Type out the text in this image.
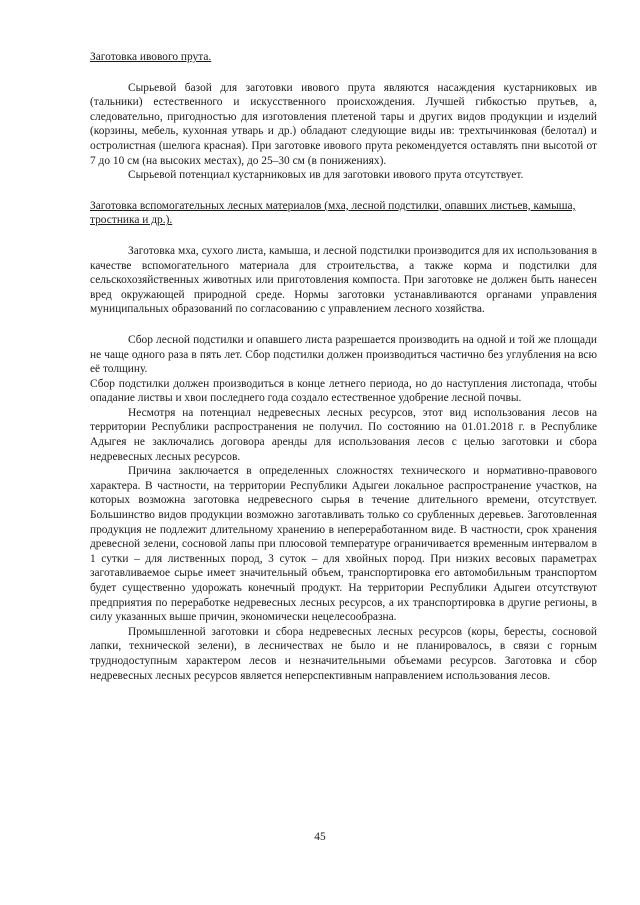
Заготовка ивового прута.

Сырьевой базой для заготовки ивового прута являются насаждения кустарниковых ив (тальники) естественного и искусственного происхождения. Лучшей гибкостью прутьев, а, следовательно, пригодностью для изготовления плетеной тары и других видов продукции и изделий (корзины, мебель, кухонная утварь и др.) обладают следующие виды ив: трехтычинковая (белотал) и остролистная (шелюга красная). При заготовке ивового прута рекомендуется оставлять пни высотой от 7 до 10 см (на высоких местах), до 25–30 см (в понижениях).

Сырьевой потенциал кустарниковых ив для заготовки ивового прута отсутствует.

Заготовка вспомогательных лесных материалов (мха, лесной подстилки, опавших листьев, камыша, тростника и др.).

Заготовка мха, сухого листа, камыша, и лесной подстилки производится для их использования в качестве вспомогательного материала для строительства, а также корма и подстилки для сельскохозяйственных животных или приготовления компоста. При заготовке не должен быть нанесен вред окружающей природной среде. Нормы заготовки устанавливаются органами управления муниципальных образований по согласованию с управлением лесного хозяйства.

Сбор лесной подстилки и опавшего листа разрешается производить на одной и той же площади не чаще одного раза в пять лет. Сбор подстилки должен производиться частично без углубления на всю её толщину.

Сбор подстилки должен производиться в конце летнего периода, но до наступления листопада, чтобы опадание листвы и хвои последнего года создало естественное удобрение лесной почвы.

Несмотря на потенциал недревесных лесных ресурсов, этот вид использования лесов на территории Республики распространения не получил. По состоянию на 01.01.2018 г. в Республике Адыгея не заключались договора аренды для использования лесов с целью заготовки и сбора недревесных лесных ресурсов.

Причина заключается в определенных сложностях технического и нормативно-правового характера. В частности, на территории Республики Адыгеи локальное распространение участков, на которых возможна заготовка недревесного сырья в течение длительного времени, отсутствует. Большинство видов продукции возможно заготавливать только со срубленных деревьев. Заготовленная продукция не подлежит длительному хранению в непереработанном виде. В частности, срок хранения древесной зелени, сосновой лапы при плюсовой температуре ограничивается временным интервалом в 1 сутки – для лиственных пород, 3 суток – для хвойных пород. При низких весовых параметрах заготавливаемое сырье имеет значительный объем, транспортировка его автомобильным транспортом будет существенно удорожать конечный продукт. На территории Республики Адыгеи отсутствуют предприятия по переработке недревесных лесных ресурсов, а их транспортировка в другие регионы, в силу указанных выше причин, экономически нецелесообразна.

Промышленной заготовки и сбора недревесных лесных ресурсов (коры, бересты, сосновой лапки, технической зелени), в лесничествах не было и не планировалось, в связи с горным труднодоступным характером лесов и незначительными объемами ресурсов. Заготовка и сбор недревесных лесных ресурсов является неперспективным направлением использования лесов.

45
